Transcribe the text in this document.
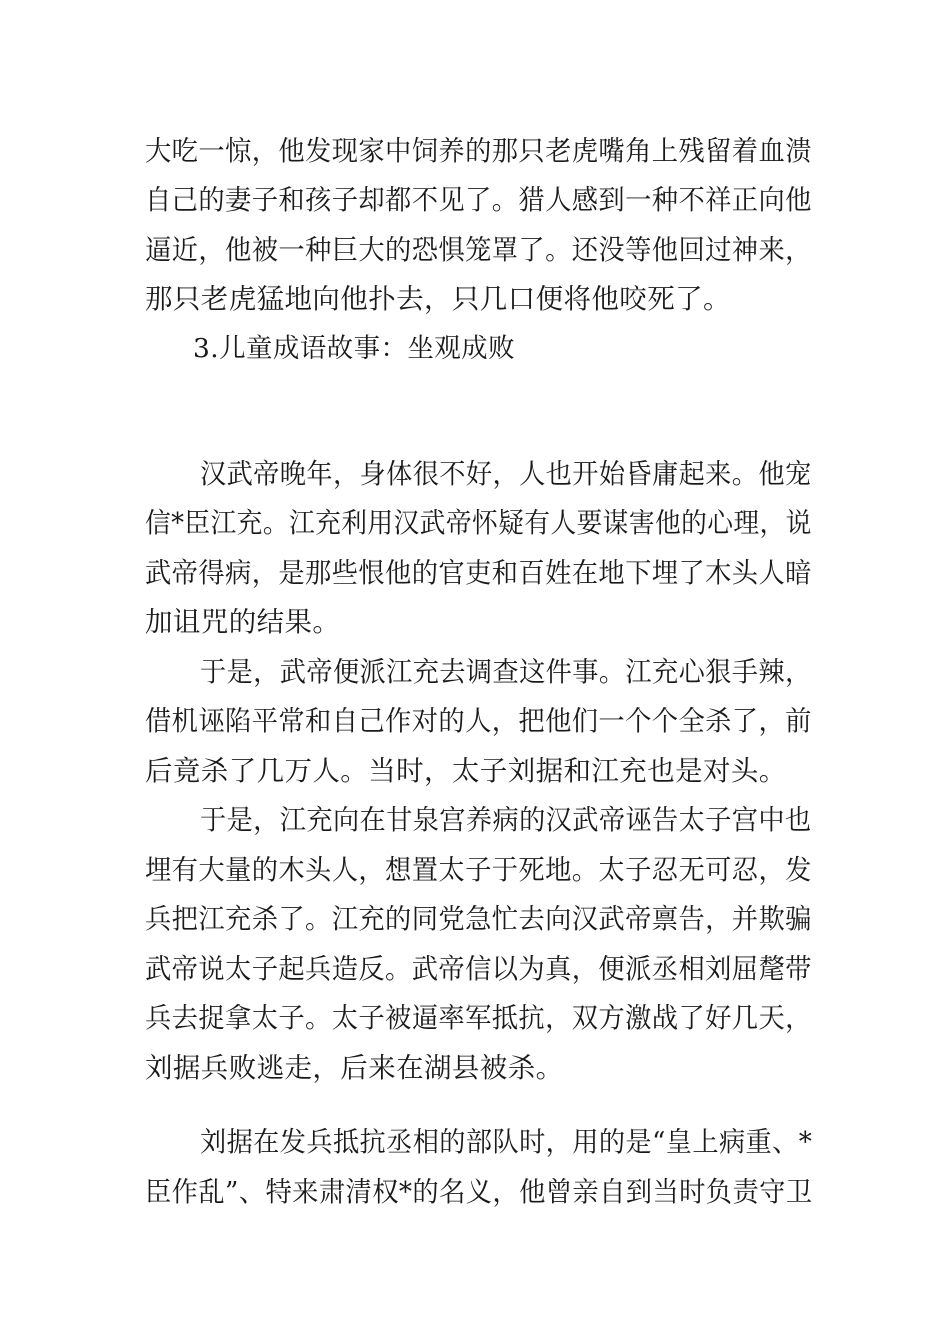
大吃一惊，他发现家中饲养的那只老虎嘴角上残留着血溃

自己的妻子和孩子却都不见了。猎人感到一种不祥正向他

逼近，他被一种巨大的恐惧笼罩了。还没等他回过神来，

那只老虎猛地向他扑去，只几口便将他咬死了。

3.儿童成语故事：坐观成败

汉武帝晚年，身体很不好，人也开始昏庸起来。他宠

信*臣江充。江充利用汉武帝怀疑有人要谋害他的心理，说

武帝得病，是那些恨他的官吏和百姓在地下埋了木头人暗

加诅咒的结果。

于是，武帝便派江充去调查这件事。江充心狠手辣，

借机诬陷平常和自己作对的人，把他们一个个全杀了，前

后竟杀了几万人。当时，太子刘据和江充也是对头。

于是，江充向在甘泉宫养病的汉武帝诬告太子宫中也

埋有大量的木头人，想置太子于死地。太子忍无可忍，发

兵把江充杀了。江充的同党急忙去向汉武帝禀告，并欺骗

武帝说太子起兵造反。武帝信以为真，便派丞相刘屈氂带

兵去捉拿太子。太子被逼率军抵抗，双方激战了好几天，

刘据兵败逃走，后来在湖县被杀。

刘据在发兵抵抗丞相的部队时，用的是“皇上病重、*

臣作乱”、特来肃清权*的名义，他曾亲自到当时负责守卫
